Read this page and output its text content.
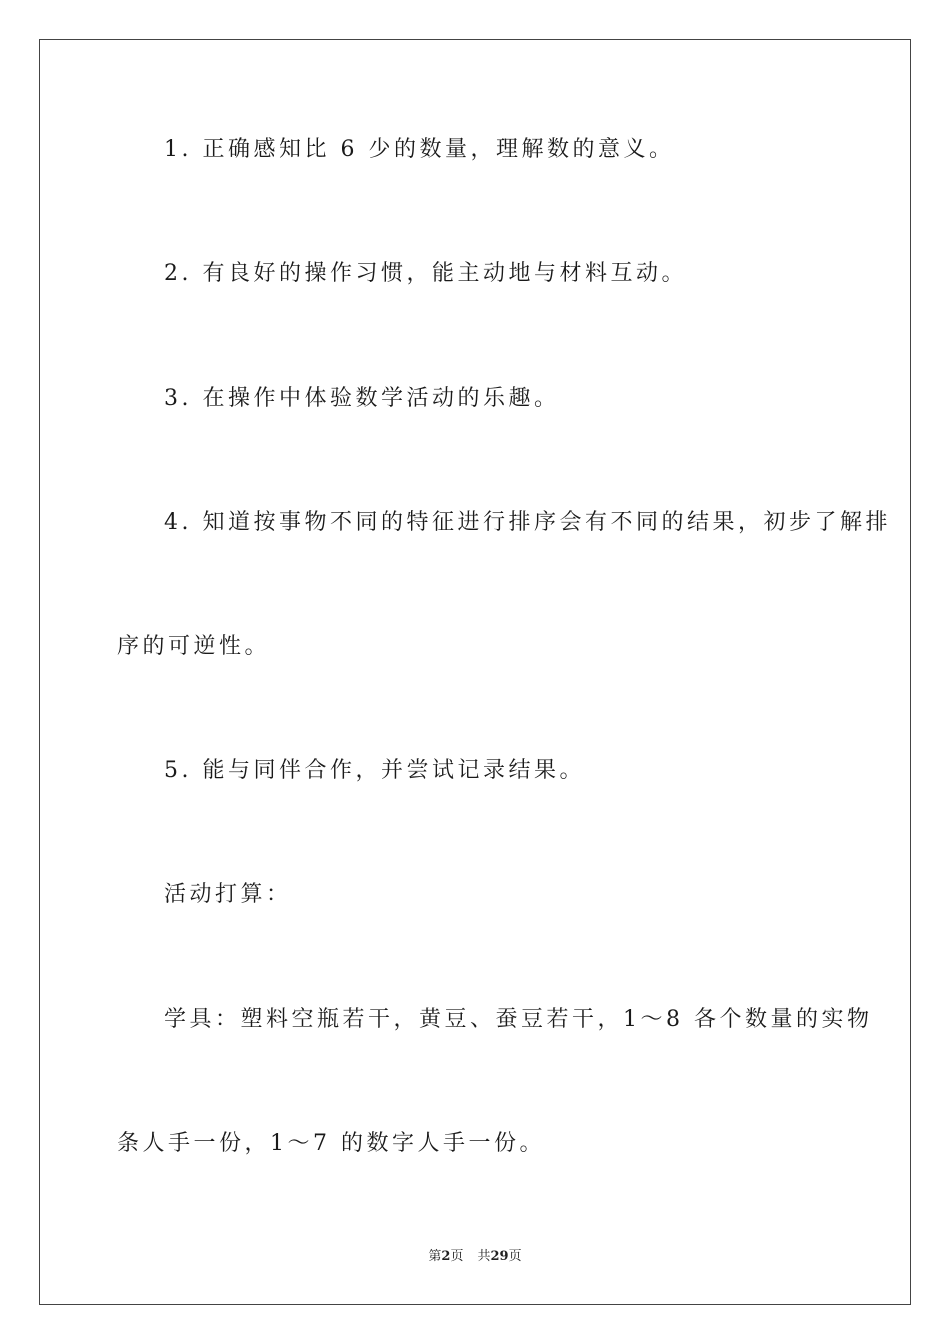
1. 正确感知比 6 少的数量，理解数的意义。
2. 有良好的操作习惯，能主动地与材料互动。
3. 在操作中体验数学活动的乐趣。
4. 知道按事物不同的特征进行排序会有不同的结果，初步了解排
序的可逆性。
5. 能与同伴合作，并尝试记录结果。
活动打算：
学具：塑料空瓶若干，黄豆、蚕豆若干，1～8 各个数量的实物
条人手一份，1～7 的数字人手一份。
第2页 共29页
